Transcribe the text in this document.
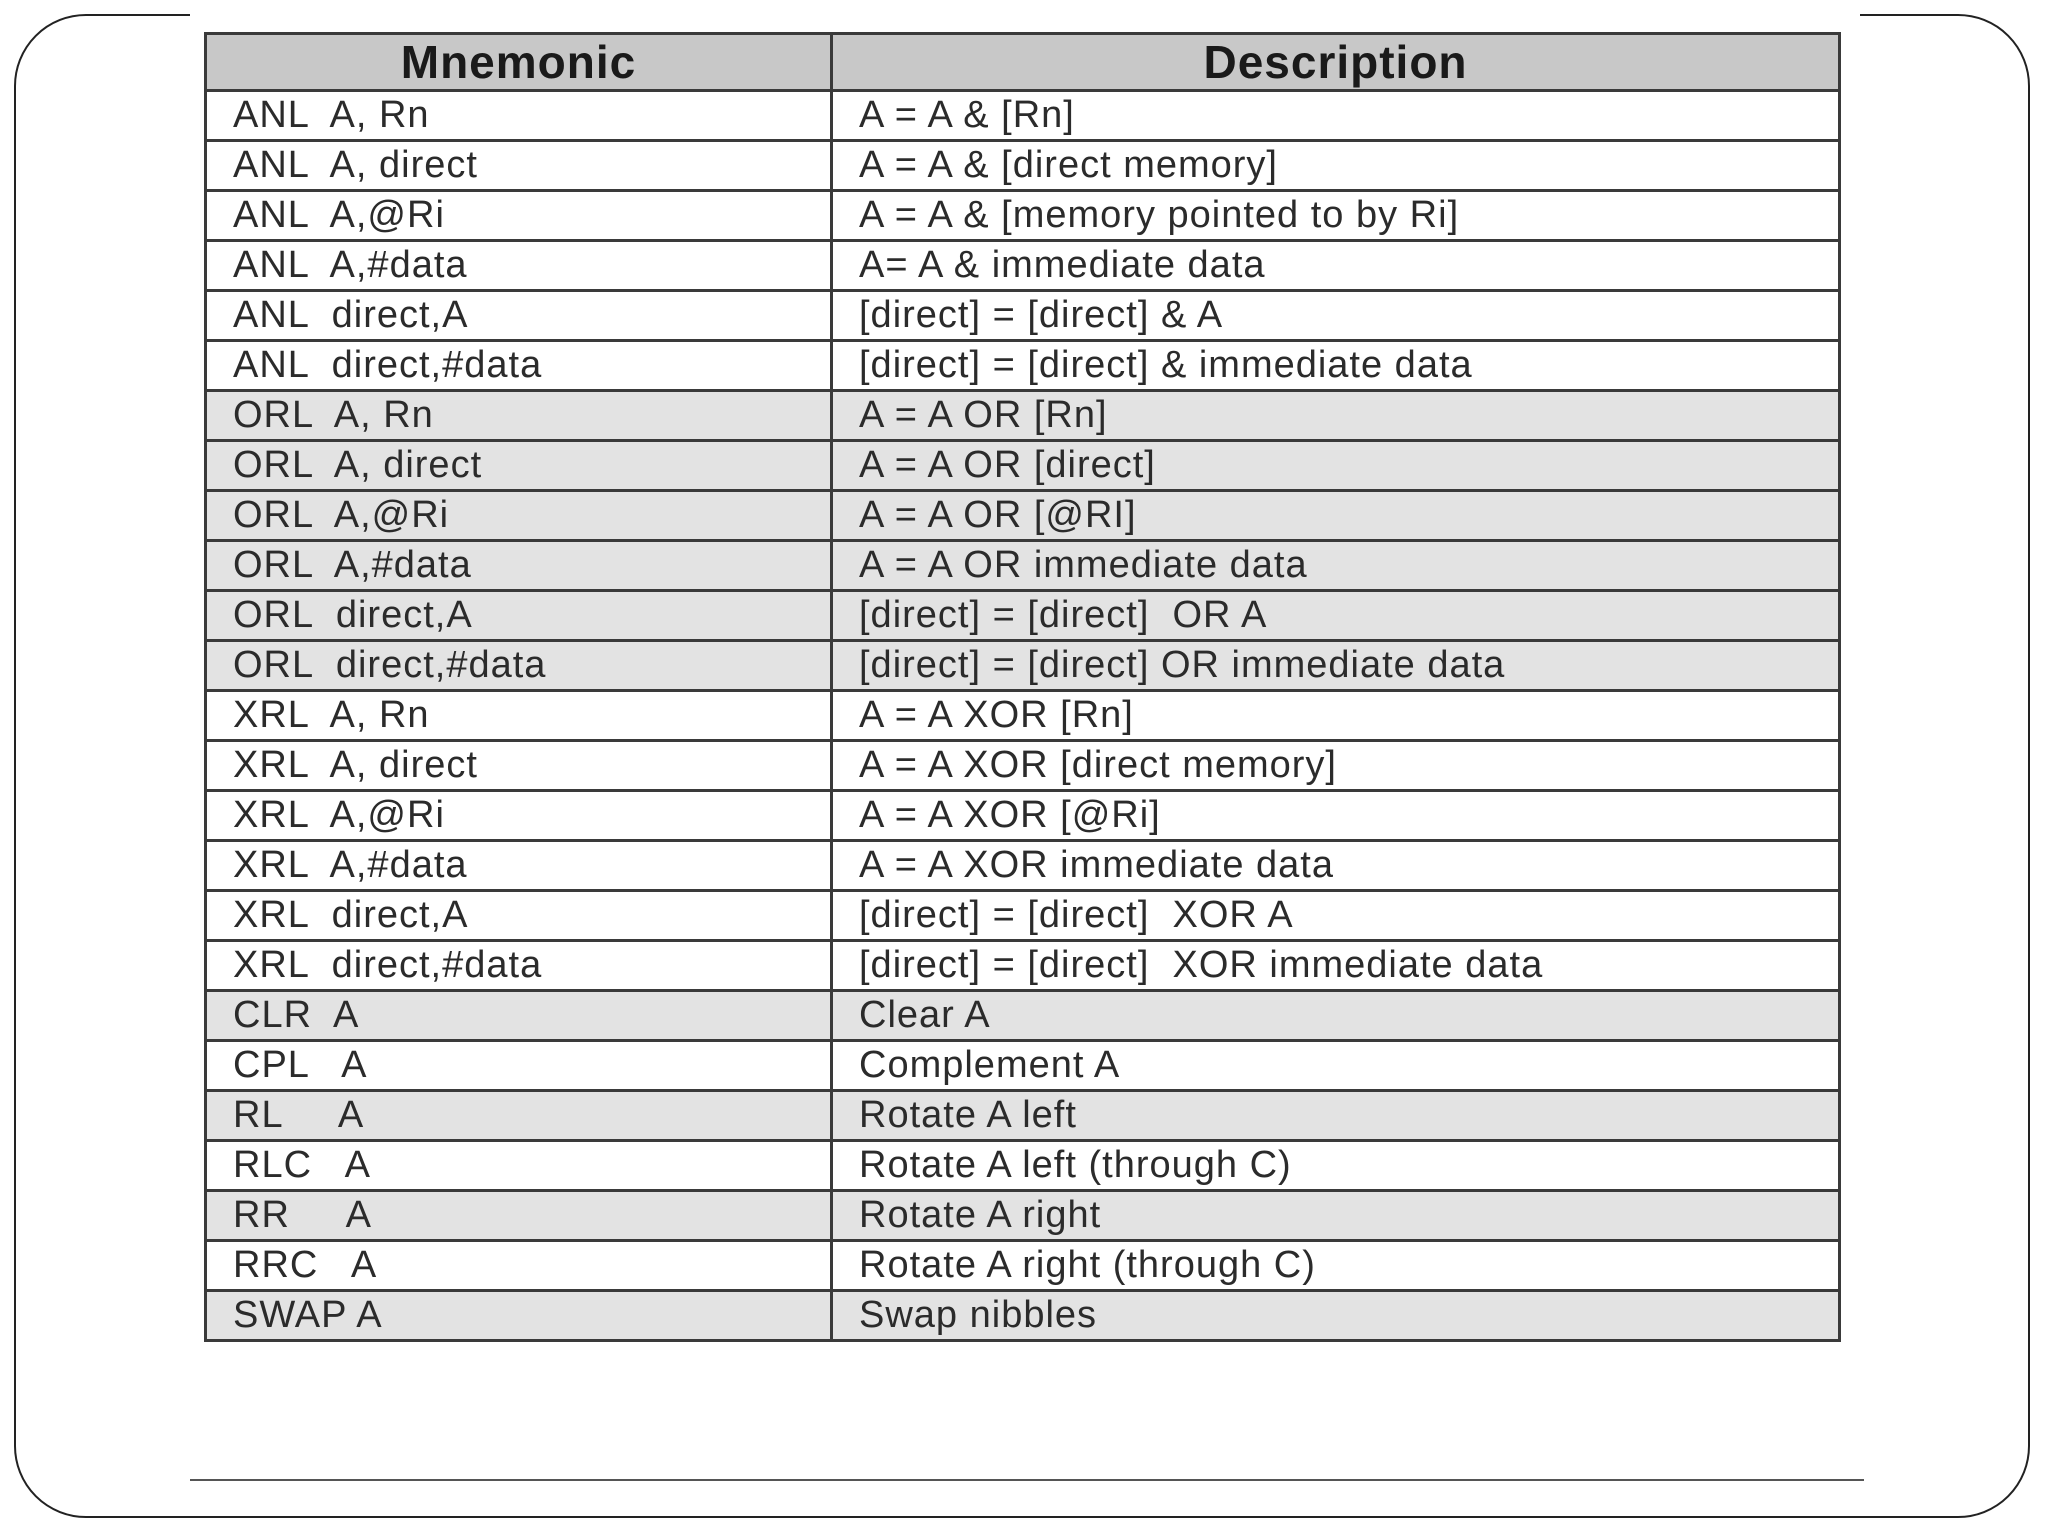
Mnemonic	Description
ANL  A, Rn	A = A & [Rn]
ANL  A, direct	A = A & [direct memory]
ANL  A,@Ri	A = A & [memory pointed to by Ri]
ANL  A,#data	A= A & immediate data
ANL  direct,A	[direct] = [direct] & A
ANL  direct,#data	[direct] = [direct] & immediate data
ORL  A, Rn	A = A OR [Rn]
ORL  A, direct	A = A OR [direct]
ORL  A,@Ri	A = A OR [@RI]
ORL  A,#data	A = A OR immediate data
ORL  direct,A	[direct] = [direct]  OR A
ORL  direct,#data	[direct] = [direct] OR immediate data
XRL  A, Rn	A = A XOR [Rn]
XRL  A, direct	A = A XOR [direct memory]
XRL  A,@Ri	A = A XOR [@Ri]
XRL  A,#data	A = A XOR immediate data
XRL  direct,A	[direct] = [direct]  XOR A
XRL  direct,#data	[direct] = [direct]  XOR immediate data
CLR  A	Clear A
CPL   A	Complement A
RL     A	Rotate A left
RLC   A	Rotate A left (through C)
RR     A	Rotate A right
RRC   A	Rotate A right (through C)
SWAP A	Swap nibbles
